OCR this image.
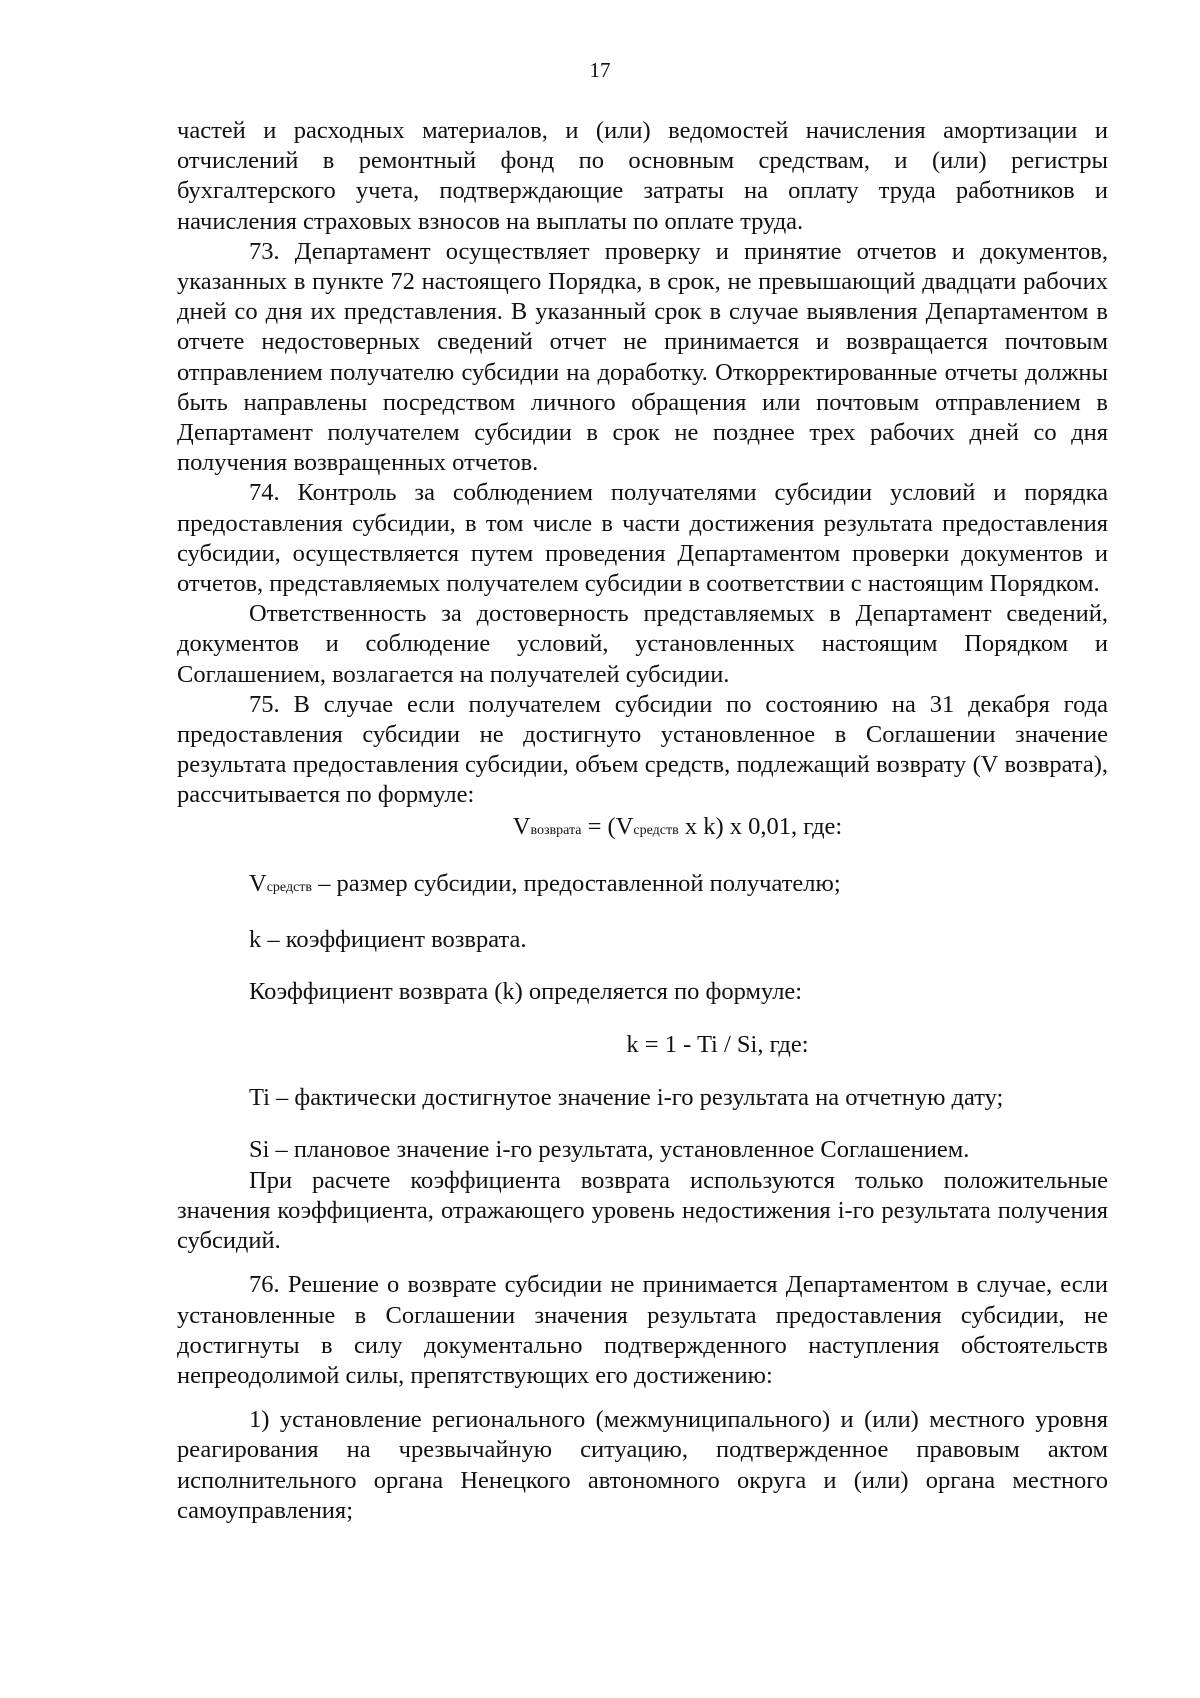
17

частей и расходных материалов, и (или) ведомостей начисления амортизации и отчислений в ремонтный фонд по основным средствам, и (или) регистры бухгалтерского учета, подтверждающие затраты на оплату труда работников и начисления страховых взносов на выплаты по оплате труда.

73. Департамент осуществляет проверку и принятие отчетов и документов, указанных в пункте 72 настоящего Порядка, в срок, не превышающий двадцати рабочих дней со дня их представления. В указанный срок в случае выявления Департаментом в отчете недостоверных сведений отчет не принимается и возвращается почтовым отправлением получателю субсидии на доработку. Откорректированные отчеты должны быть направлены посредством личного обращения или почтовым отправлением в Департамент получателем субсидии в срок не позднее трех рабочих дней со дня получения возвращенных отчетов.

74. Контроль за соблюдением получателями субсидии условий и порядка предоставления субсидии, в том числе в части достижения результата предоставления субсидии, осуществляется путем проведения Департаментом проверки документов и отчетов, представляемых получателем субсидии в соответствии с настоящим Порядком.

Ответственность за достоверность представляемых в Департамент сведений, документов и соблюдение условий, установленных настоящим Порядком и Соглашением, возлагается на получателей субсидии.

75. В случае если получателем субсидии по состоянию на 31 декабря года предоставления субсидии не достигнуто установленное в Соглашении значение результата предоставления субсидии, объем средств, подлежащий возврату (V возврата), рассчитывается по формуле:

Vвозврата = (Vсредств x k) x 0,01, где:

Vсредств – размер субсидии, предоставленной получателю;

k – коэффициент возврата.

Коэффициент возврата (k) определяется по формуле:

k = 1 - Ti / Si, где:

Ti – фактически достигнутое значение i-го результата на отчетную дату;

Si – плановое значение i-го результата, установленное Соглашением.

При расчете коэффициента возврата используются только положительные значения коэффициента, отражающего уровень недостижения i-го результата получения субсидий.

76. Решение о возврате субсидии не принимается Департаментом в случае, если установленные в Соглашении значения результата предоставления субсидии, не достигнуты в силу документально подтвержденного наступления обстоятельств непреодолимой силы, препятствующих его достижению:

1) установление регионального (межмуниципального) и (или) местного уровня реагирования на чрезвычайную ситуацию, подтвержденное правовым актом исполнительного органа Ненецкого автономного округа и (или) органа местного самоуправления;
